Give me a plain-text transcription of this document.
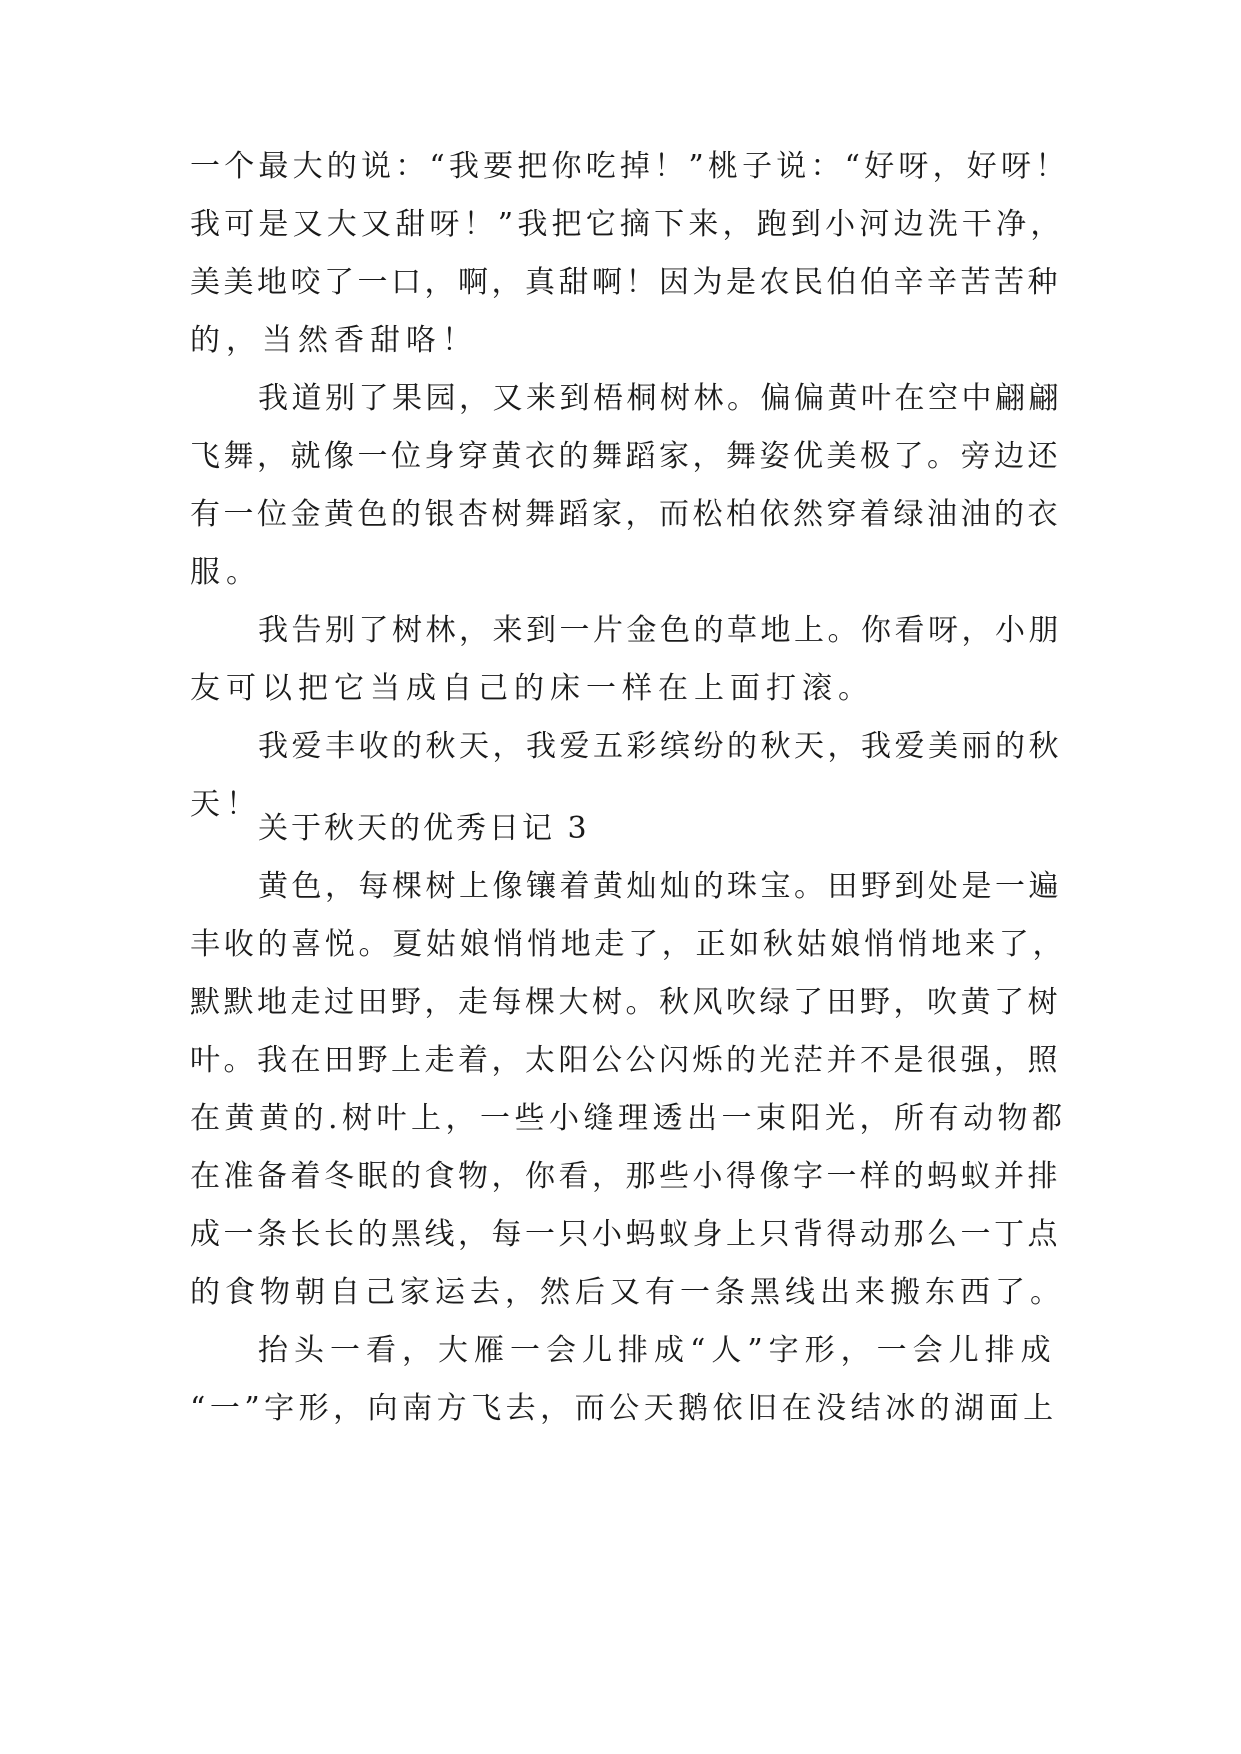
一个最大的说：“我要把你吃掉！”桃子说：“好呀，好呀！
我可是又大又甜呀！”我把它摘下来，跑到小河边洗干净，
美美地咬了一口，啊，真甜啊！因为是农民伯伯辛辛苦苦种
的，当然香甜咯！
我道别了果园，又来到梧桐树林。偏偏黄叶在空中翩翩
飞舞，就像一位身穿黄衣的舞蹈家，舞姿优美极了。旁边还
有一位金黄色的银杏树舞蹈家，而松柏依然穿着绿油油的衣
服。
我告别了树林，来到一片金色的草地上。你看呀，小朋
友可以把它当成自己的床一样在上面打滚。
我爱丰收的秋天，我爱五彩缤纷的秋天，我爱美丽的秋
天！
关于秋天的优秀日记 3
黄色，每棵树上像镶着黄灿灿的珠宝。田野到处是一遍
丰收的喜悦。夏姑娘悄悄地走了，正如秋姑娘悄悄地来了，
默默地走过田野，走每棵大树。秋风吹绿了田野，吹黄了树
叶。我在田野上走着，太阳公公闪烁的光茫并不是很强，照
在黄黄的.树叶上，一些小缝理透出一束阳光，所有动物都
在准备着冬眠的食物，你看，那些小得像字一样的蚂蚁并排
成一条长长的黑线，每一只小蚂蚁身上只背得动那么一丁点
的食物朝自己家运去，然后又有一条黑线出来搬东西了。
抬头一看，大雁一会儿排成“人”字形，一会儿排成
“一”字形，向南方飞去，而公天鹅依旧在没结冰的湖面上
